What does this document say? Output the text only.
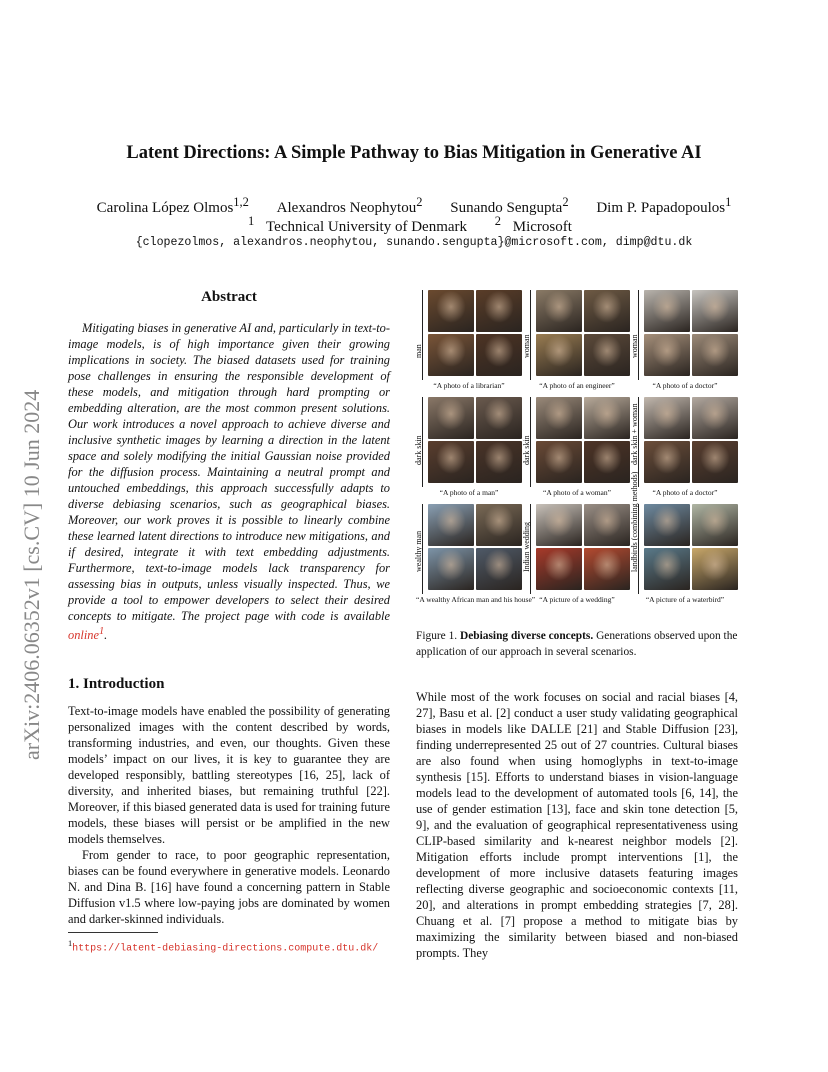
arXiv:2406.06352v1 [cs.CV] 10 Jun 2024
Latent Directions: A Simple Pathway to Bias Mitigation in Generative AI
Carolina López Olmos$^{1,2}$ Alexandros Neophytou$^2$ Sunando Sengupta$^2$ Dim P. Papadopoulos$^1$
$^1$ Technical University of Denmark $^2$ Microsoft
{clopezolmos, alexandros.neophytou, sunando.sengupta}@microsoft.com, dimp@dtu.dk
Abstract
Mitigating biases in generative AI and, particularly in text-to-image models, is of high importance given their growing implications in society. The biased datasets used for training pose challenges in ensuring the responsible development of these models, and mitigation through hard prompting or embedding alteration, are the most common present solutions. Our work introduces a novel approach to achieve diverse and inclusive synthetic images by learning a direction in the latent space and solely modifying the initial Gaussian noise provided for the diffusion process. Maintaining a neutral prompt and untouched embeddings, this approach successfully adapts to diverse debiasing scenarios, such as geographical biases. Moreover, our work proves it is possible to linearly combine these learned latent directions to introduce new mitigations, and if desired, integrate it with text embedding adjustments. Furthermore, text-to-image models lack transparency for assessing bias in outputs, unless visually inspected. Thus, we provide a tool to empower developers to select their desired concepts to mitigate. The project page with code is available online$^1$.
1. Introduction

Text-to-image models have enabled the possibility of generating personalized images with the content described by words, transforming industries, and even, our thoughts. Given these models’ impact on our lives, it is key to guarantee they are developed responsibly, battling stereotypes [16, 25], lack of diversity, and inherited biases, but remaining truthful [22]. Moreover, if this biased generated data is used for training future models, these biases will persist or be amplified in the new models themselves.

From gender to race, to poor geographic representation, biases can be found everywhere in generative models. Leonardo N. and Dina B. [16] have found a concerning pattern in Stable Diffusion v1.5 where low-paying jobs are dominated by women and darker-skinned individuals.

$^1$https://latent-debiasing-directions.compute.dtu.dk/
man
“A photo of a librarian”
woman
“A photo of an engineer”
woman
“A photo of a doctor”
dark skin
“A photo of a man”
dark skin
“A photo of a woman”
dark skin + woman
“A photo of a doctor”
wealthy man
“A wealthy African man and his house”
Indian wedding
“A picture of a wedding”
landbirds (combining methods)
“A picture of a waterbird”
Figure 1. Debiasing diverse concepts. Generations observed upon the application of our approach in several scenarios.
While most of the work focuses on social and racial biases [4, 27], Basu et al. [2] conduct a user study validating geographical biases in models like DALLE [21] and Stable Diffusion [23], finding underrepresented 25 out of 27 countries. Cultural biases are also found when using homoglyphs in text-to-image synthesis [15]. Efforts to understand biases in vision-language models lead to the development of automated tools [6, 14], the use of gender estimation [13], face and skin tone detection [5, 9], and the evaluation of geographical representativeness using CLIP-based similarity and k-nearest neighbor models [2]. Mitigation efforts include prompt interventions [1], the development of more inclusive datasets featuring images reflecting diverse geographic and socioeconomic contexts [11, 20], and alterations in prompt embedding strategies [7, 28]. Chuang et al. [7] propose a method to mitigate bias by maximizing the similarity between biased and non-biased prompts. They
